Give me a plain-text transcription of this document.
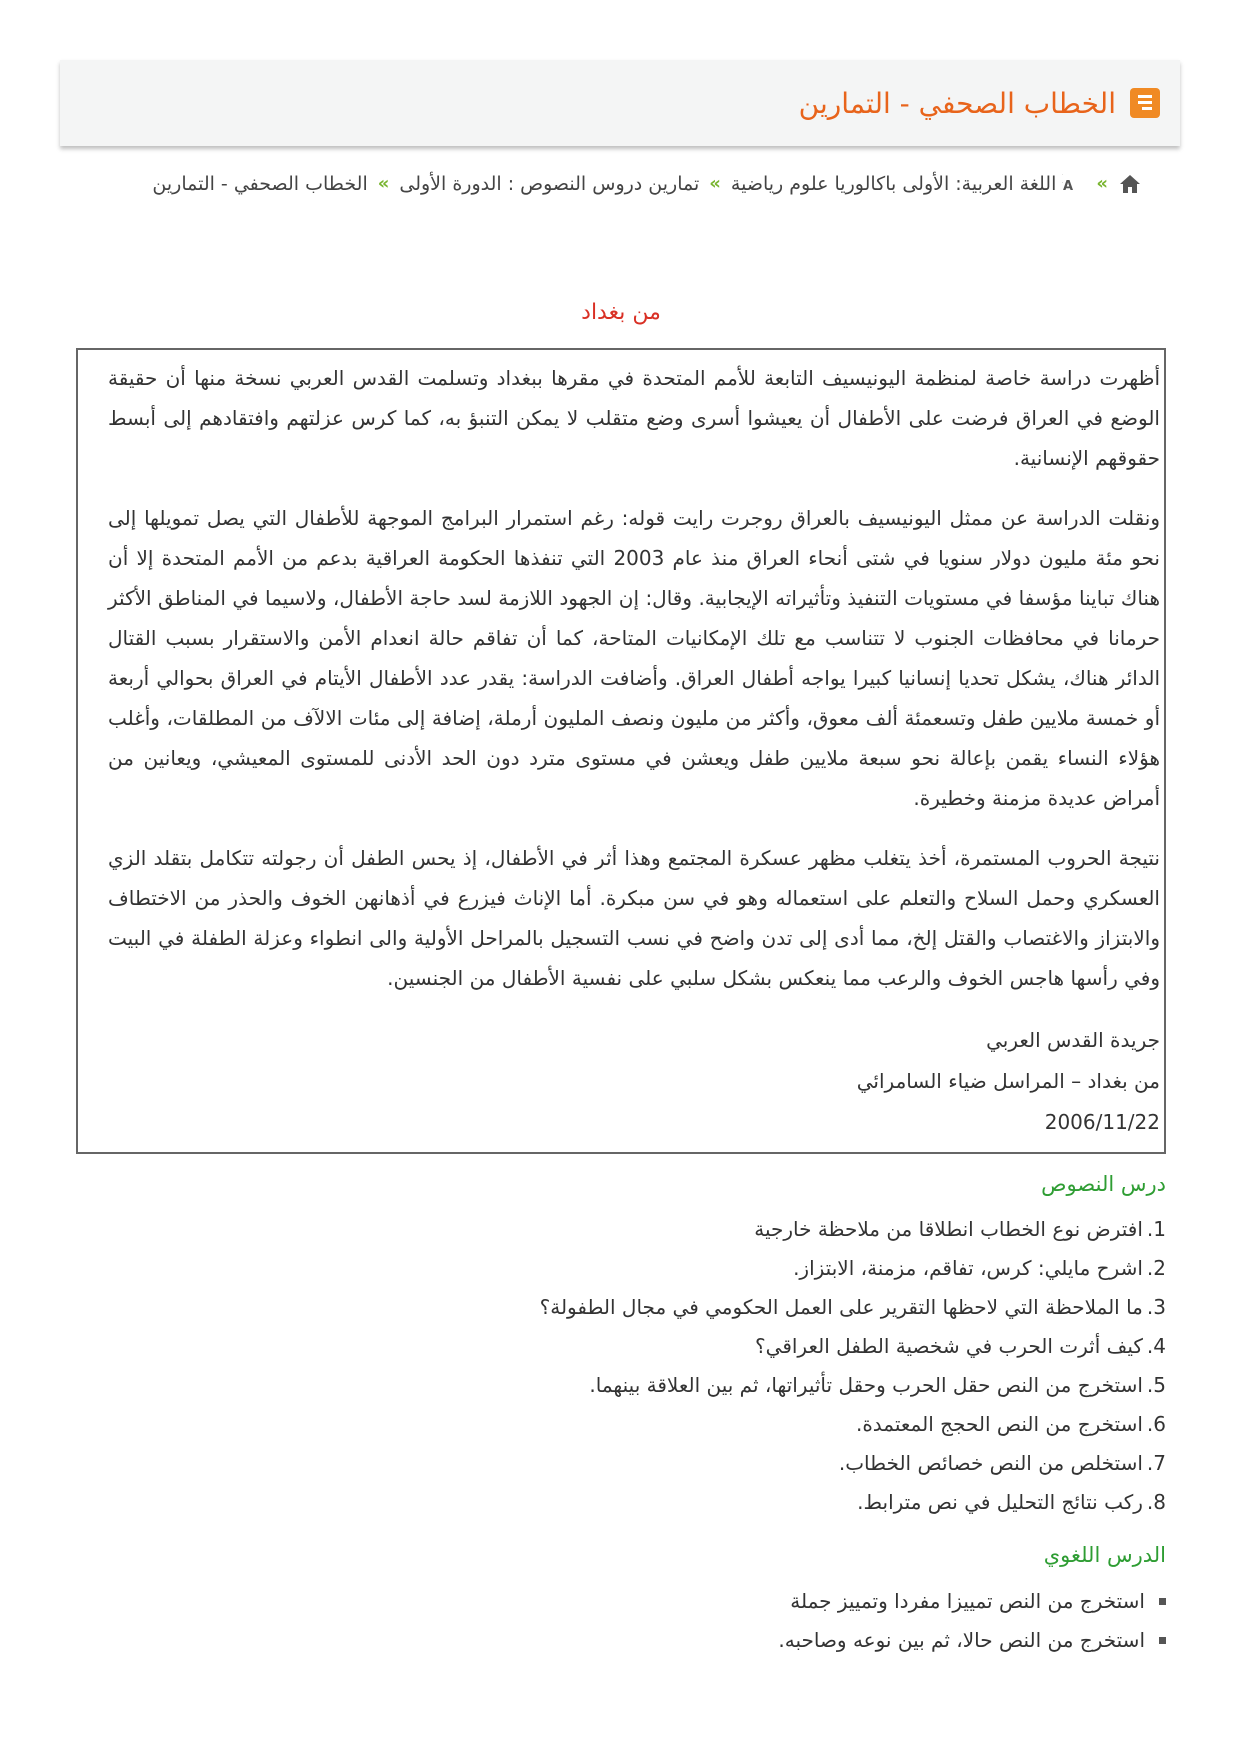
الخطاب الصحفي - التمارين
»
A
اللغة العربية: الأولى باكالوريا علوم رياضية
»
تمارين دروس النصوص : الدورة الأولى
»
الخطاب الصحفي - التمارين
من بغداد

أظهرت دراسة خاصة لمنظمة اليونيسيف التابعة للأمم المتحدة في مقرها ببغداد وتسلمت القدس العربي نسخة منها أن حقيقة الوضع في العراق فرضت على الأطفال أن يعيشوا أسرى وضع متقلب لا يمكن التنبؤ به، كما كرس عزلتهم وافتقادهم إلى أبسط حقوقهم الإنسانية.

ونقلت الدراسة عن ممثل اليونيسيف بالعراق روجرت رايت قوله: رغم استمرار البرامج الموجهة للأطفال التي يصل تمويلها إلى نحو مئة مليون دولار سنويا في شتى أنحاء العراق منذ عام 2003 التي تنفذها الحكومة العراقية بدعم من الأمم المتحدة إلا أن هناك تباينا مؤسفا في مستويات التنفيذ وتأثيراته الإيجابية. وقال: إن الجهود اللازمة لسد حاجة الأطفال، ولاسيما في المناطق الأكثر حرمانا في محافظات الجنوب لا تتناسب مع تلك الإمكانيات المتاحة، كما أن تفاقم حالة انعدام الأمن والاستقرار بسبب القتال الدائر هناك، يشكل تحديا إنسانيا كبيرا يواجه أطفال العراق. وأضافت الدراسة: يقدر عدد الأطفال الأيتام في العراق بحوالي أربعة أو خمسة ملايين طفل وتسعمئة ألف معوق، وأكثر من مليون ونصف المليون أرملة، إضافة إلى مئات الالآف من المطلقات، وأغلب هؤلاء النساء يقمن بإعالة نحو سبعة ملايين طفل ويعشن في مستوى مترد دون الحد الأدنى للمستوى المعيشي، ويعانين من أمراض عديدة مزمنة وخطيرة.

نتيجة الحروب المستمرة، أخذ يتغلب مظهر عسكرة المجتمع وهذا أثر في الأطفال، إذ يحس الطفل أن رجولته تتكامل بتقلد الزي العسكري وحمل السلاح والتعلم على استعماله وهو في سن مبكرة. أما الإناث فيزرع في أذهانهن الخوف والحذر من الاختطاف والابتزاز والاغتصاب والقتل إلخ، مما أدى إلى تدن واضح في نسب التسجيل بالمراحل الأولية والى انطواء وعزلة الطفلة في البيت وفي رأسها هاجس الخوف والرعب مما ينعكس بشكل سلبي على نفسية الأطفال من الجنسين.

جريدة القدس العربي
من بغداد – المراسل ضياء السامرائي
2006/11/22
درس النصوص
1.افترض نوع الخطاب انطلاقا من ملاحظة خارجية
2.اشرح مايلي: كرس، تفاقم، مزمنة، الابتزاز.
3.ما الملاحظة التي لاحظها التقرير على العمل الحكومي في مجال الطفولة؟
4.كيف أثرت الحرب في شخصية الطفل العراقي؟
5.استخرج من النص حقل الحرب وحقل تأثيراتها، ثم بين العلاقة بينهما.
6.استخرج من النص الحجج المعتمدة.
7.استخلص من النص خصائص الخطاب.
8.ركب نتائج التحليل في نص مترابط.
الدرس اللغوي
استخرج من النص تمييزا مفردا وتمييز جملة
استخرج من النص حالا، ثم بين نوعه وصاحبه.
